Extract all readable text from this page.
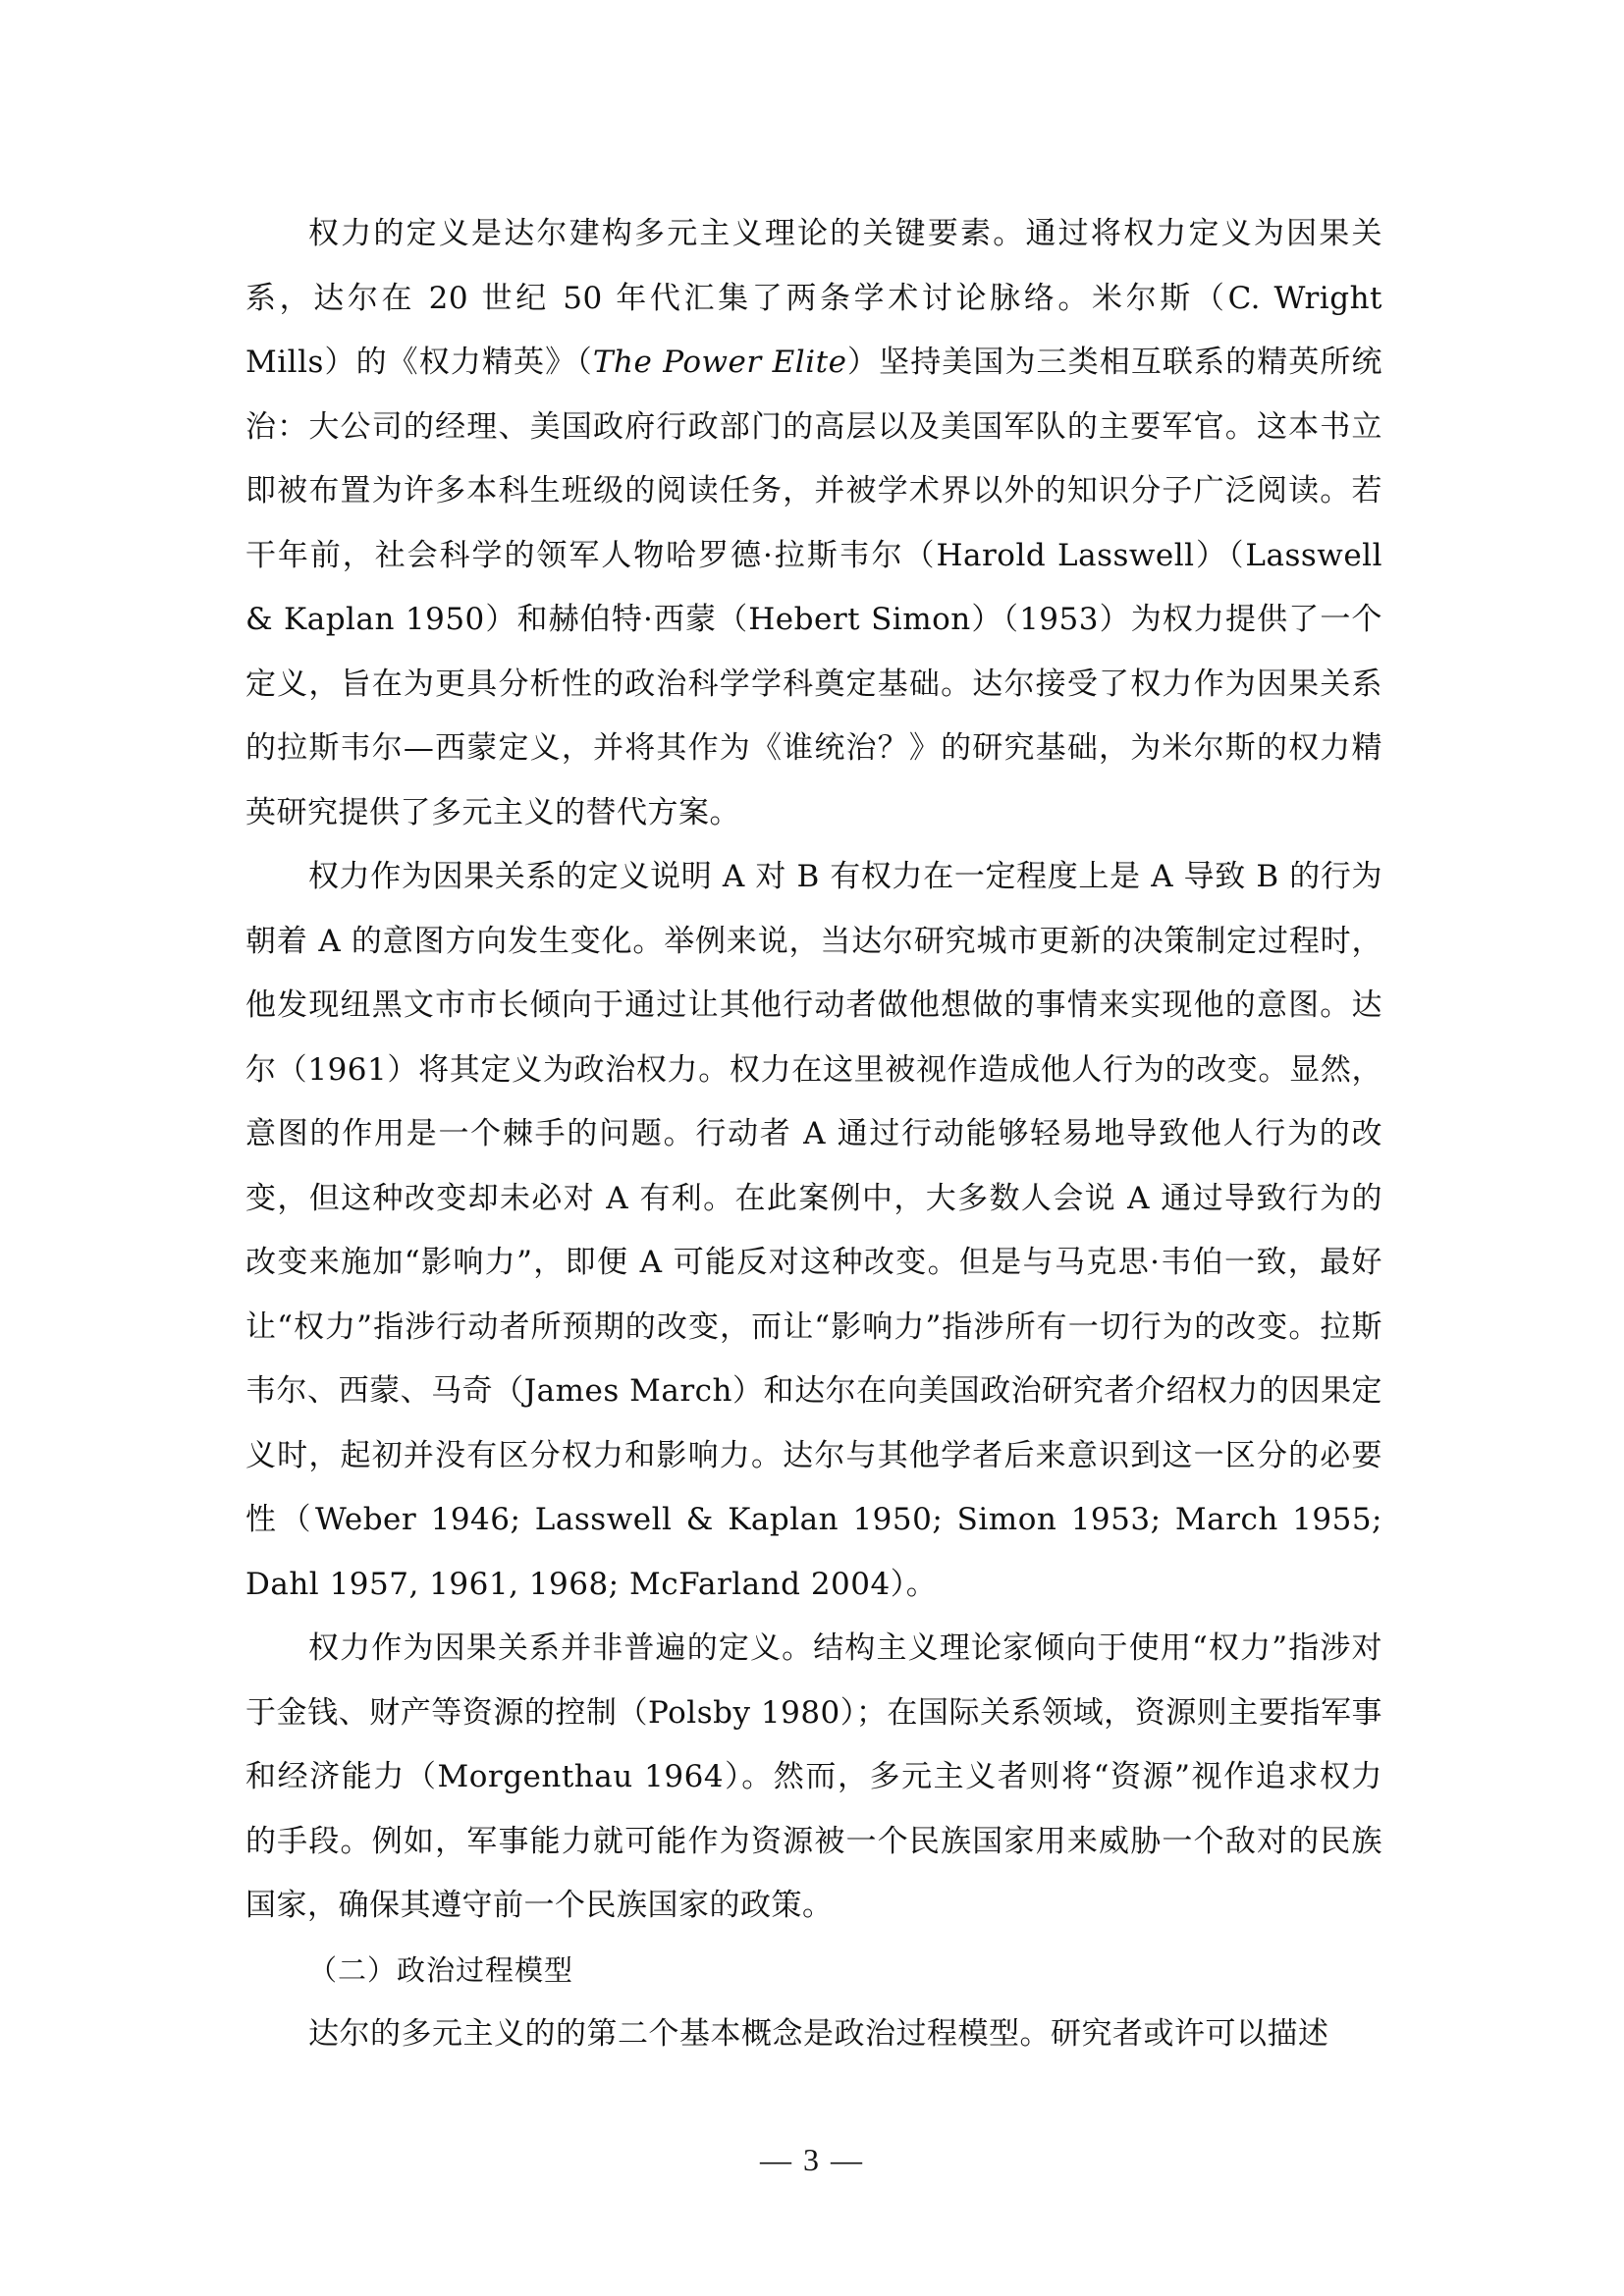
权力的定义是达尔建构多元主义理论的关键要素。通过将权力定义为因果关系，达尔在 20 世纪 50 年代汇集了两条学术讨论脉络。米尔斯（C. Wright Mills）的《权力精英》（The Power Elite）坚持美国为三类相互联系的精英所统治：大公司的经理、美国政府行政部门的高层以及美国军队的主要军官。这本书立即被布置为许多本科生班级的阅读任务，并被学术界以外的知识分子广泛阅读。若干年前，社会科学的领军人物哈罗德·拉斯韦尔（Harold Lasswell）（Lasswell & Kaplan 1950）和赫伯特·西蒙（Hebert Simon）（1953）为权力提供了一个定义，旨在为更具分析性的政治科学学科奠定基础。达尔接受了权力作为因果关系的拉斯韦尔—西蒙定义，并将其作为《谁统治？》的研究基础，为米尔斯的权力精英研究提供了多元主义的替代方案。

权力作为因果关系的定义说明 A 对 B 有权力在一定程度上是 A 导致 B 的行为朝着 A 的意图方向发生变化。举例来说，当达尔研究城市更新的决策制定过程时，他发现纽黑文市市长倾向于通过让其他行动者做他想做的事情来实现他的意图。达尔（1961）将其定义为政治权力。权力在这里被视作造成他人行为的改变。显然，意图的作用是一个棘手的问题。行动者 A 通过行动能够轻易地导致他人行为的改变，但这种改变却未必对 A 有利。在此案例中，大多数人会说 A 通过导致行为的改变来施加“影响力”，即便 A 可能反对这种改变。但是与马克思·韦伯一致，最好让“权力”指涉行动者所预期的改变，而让“影响力”指涉所有一切行为的改变。拉斯韦尔、西蒙、马奇（James March）和达尔在向美国政治研究者介绍权力的因果定义时，起初并没有区分权力和影响力。达尔与其他学者后来意识到这一区分的必要性（Weber 1946; Lasswell & Kaplan 1950; Simon 1953; March 1955; Dahl 1957, 1961, 1968; McFarland 2004）。

权力作为因果关系并非普遍的定义。结构主义理论家倾向于使用“权力”指涉对于金钱、财产等资源的控制（Polsby 1980）；在国际关系领域，资源则主要指军事和经济能力（Morgenthau 1964）。然而，多元主义者则将“资源”视作追求权力的手段。例如，军事能力就可能作为资源被一个民族国家用来威胁一个敌对的民族国家，确保其遵守前一个民族国家的政策。

（二）政治过程模型

达尔的多元主义的的第二个基本概念是政治过程模型。研究者或许可以描述

— 3 —
